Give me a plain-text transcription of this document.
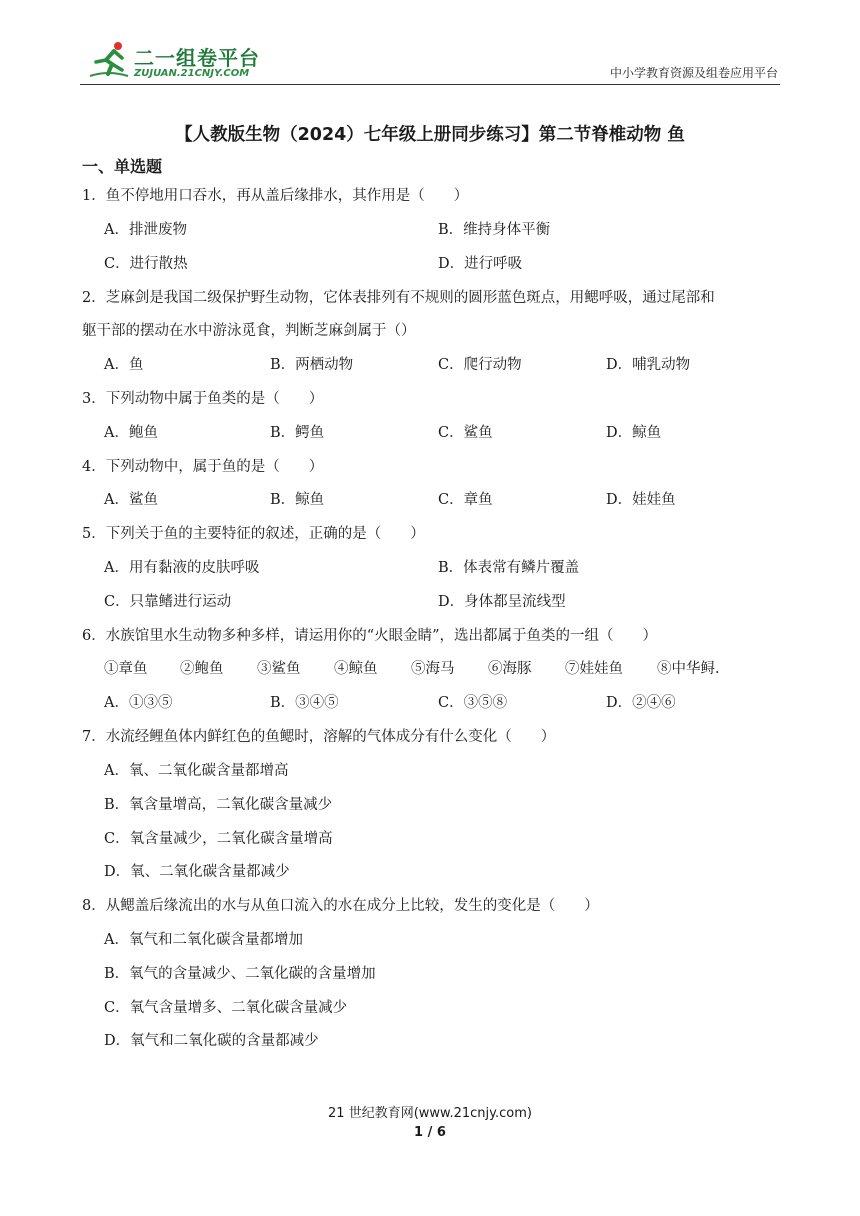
二一组卷平台
ZUJUAN.21CNJY.COM	中小学教育资源及组卷应用平台
【人教版生物（2024）七年级上册同步练习】第二节脊椎动物 鱼
一、单选题
1．鱼不停地用口吞水，再从盖后缘排水，其作用是（　　）
A．排泄废物	B．维持身体平衡
C．进行散热	D．进行呼吸
2．芝麻剑是我国二级保护野生动物，它体表排列有不规则的圆形蓝色斑点，用鳃呼吸，通过尾部和
躯干部的摆动在水中游泳觅食，判断芝麻剑属于（）
A．鱼	B．两栖动物	C．爬行动物	D．哺乳动物
3．下列动物中属于鱼类的是（　　）
A．鲍鱼	B．鳄鱼	C．鲨鱼	D．鲸鱼
4．下列动物中，属于鱼的是（　　）
A．鲨鱼	B．鲸鱼	C．章鱼	D．娃娃鱼
5．下列关于鱼的主要特征的叙述，正确的是（　　）
A．用有黏液的皮肤呼吸	B．体表常有鳞片覆盖
C．只靠鳍进行运动	D．身体都呈流线型
6．水族馆里水生动物多种多样，请运用你的“火眼金睛”，选出都属于鱼类的一组（　　）
①章鱼 ②鲍鱼 ③鲨鱼 ④鲸鱼 ⑤海马 ⑥海豚 ⑦娃娃鱼 ⑧中华鲟.
A．①③⑤	B．③④⑤	C．③⑤⑧	D．②④⑥
7．水流经鲤鱼体内鲜红色的鱼鳃时，溶解的气体成分有什么变化（　　）
A．氧、二氧化碳含量都增高
B．氧含量增高，二氧化碳含量减少
C．氧含量减少，二氧化碳含量增高
D．氧、二氧化碳含量都减少
8．从鳃盖后缘流出的水与从鱼口流入的水在成分上比较，发生的变化是（　　）
A．氧气和二氧化碳含量都增加
B．氧气的含量减少、二氧化碳的含量增加
C．氧气含量增多、二氧化碳含量减少
D．氧气和二氧化碳的含量都减少
21 世纪教育网(www.21cnjy.com)
1 / 6
